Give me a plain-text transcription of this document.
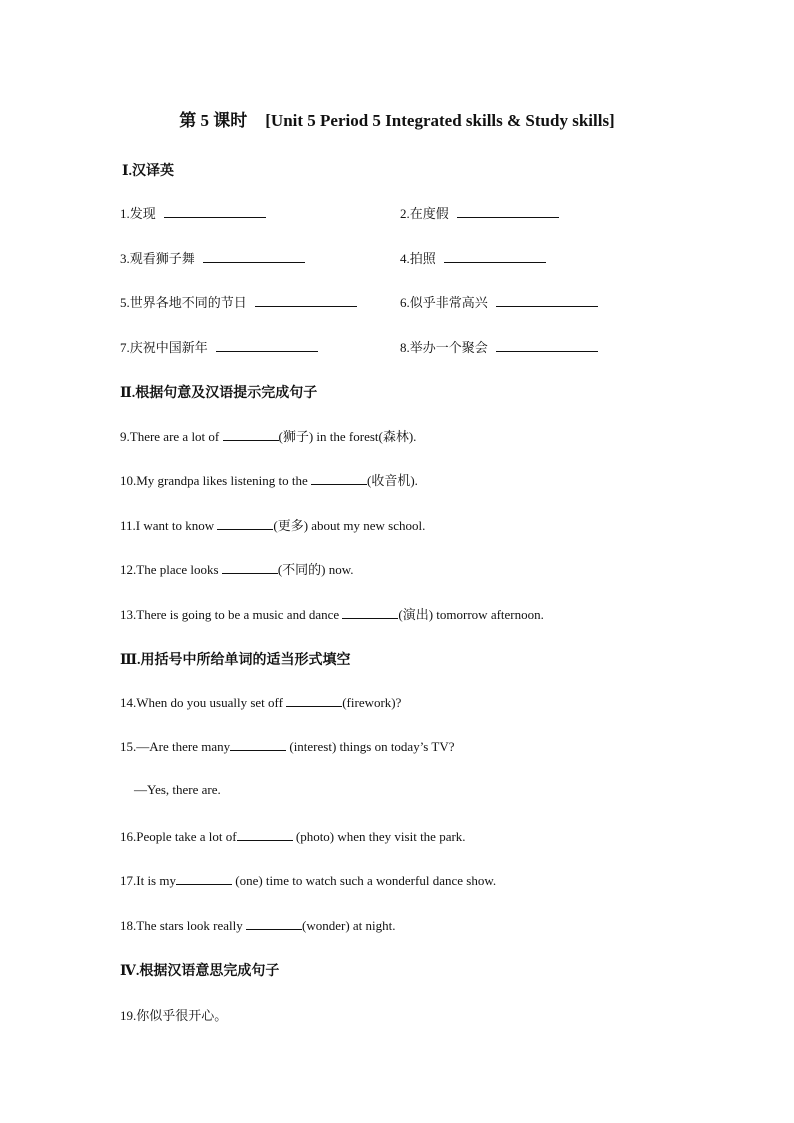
第 5 课时 [Unit 5 Period 5 Integrated skills & Study skills]
Ⅰ.汉译英
1.发现	2.在度假
3.观看狮子舞	4.拍照
5.世界各地不同的节日	6.似乎非常高兴
7.庆祝中国新年	8.举办一个聚会
Ⅱ.根据句意及汉语提示完成句子
9.There are a lot of	(狮子) in the forest(森林).
10.My grandpa likes listening to the	(收音机).
11.I want to know	(更多) about my new school.
12.The place looks	(不同的) now.
13.There is going to be a music and dance	(演出) tomorrow afternoon.
Ⅲ.用括号中所给单词的适当形式填空
14.When do you usually set off	(firework)?
15.—Are there many	(interest) things on today’s TV?
—Yes, there are.
16.People take a lot of	(photo) when they visit the park.
17.It is my	(one) time to watch such a wonderful dance show.
18.The stars look really	(wonder) at night.
Ⅳ.根据汉语意思完成句子
19.你似乎很开心。
